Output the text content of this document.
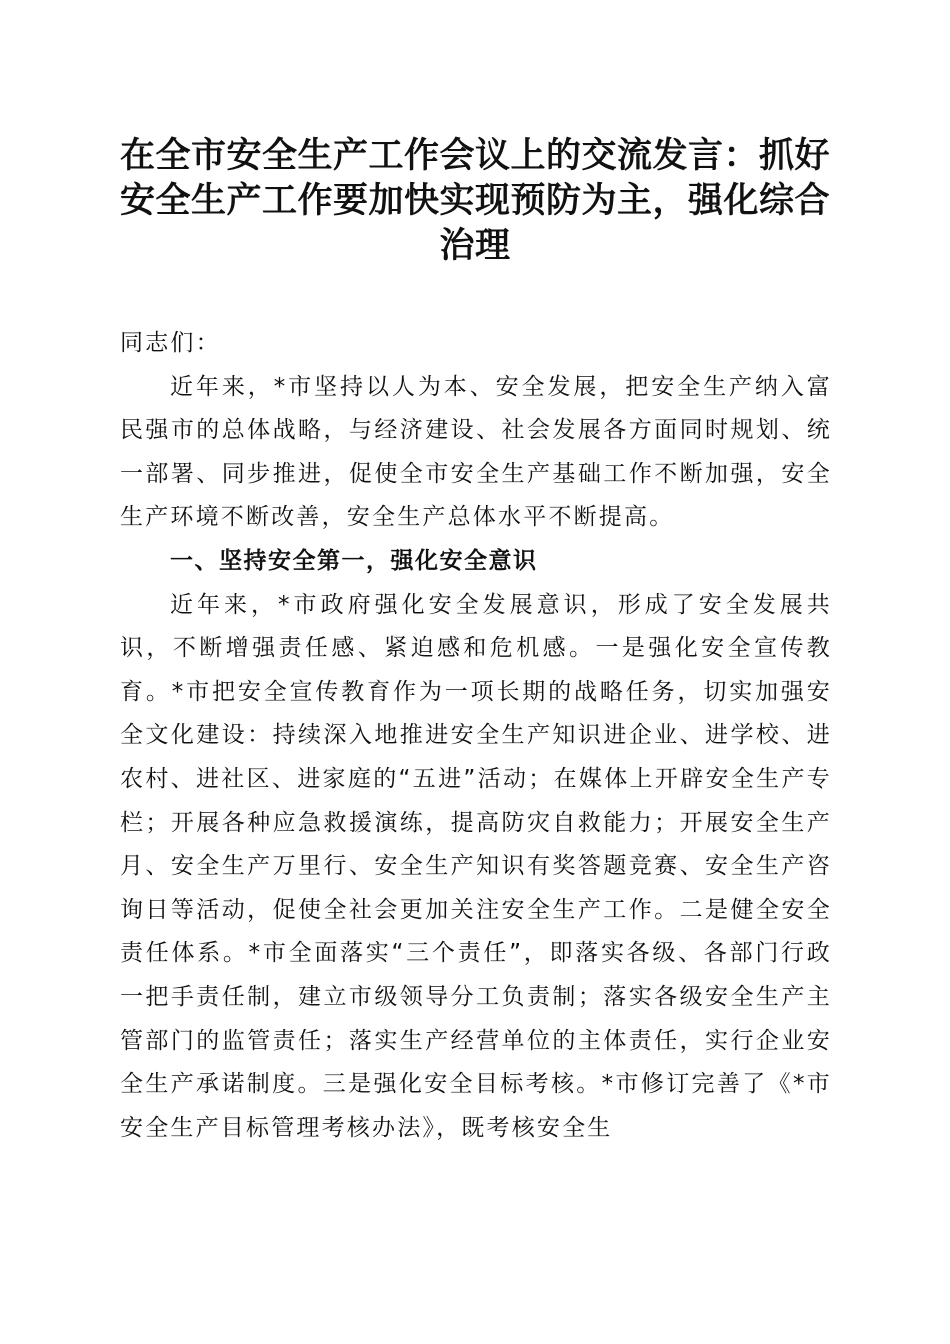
在全市安全生产工作会议上的交流发言：抓好安全生产工作要加快实现预防为主，强化综合治理

同志们：

近年来，*市坚持以人为本、安全发展，把安全生产纳入富民强市的总体战略，与经济建设、社会发展各方面同时规划、统一部署、同步推进，促使全市安全生产基础工作不断加强，安全生产环境不断改善，安全生产总体水平不断提高。

一、坚持安全第一，强化安全意识

近年来，*市政府强化安全发展意识，形成了安全发展共识，不断增强责任感、紧迫感和危机感。一是强化安全宣传教育。*市把安全宣传教育作为一项长期的战略任务，切实加强安全文化建设：持续深入地推进安全生产知识进企业、进学校、进农村、进社区、进家庭的“五进”活动；在媒体上开辟安全生产专栏；开展各种应急救援演练，提高防灾自救能力；开展安全生产月、安全生产万里行、安全生产知识有奖答题竞赛、安全生产咨询日等活动，促使全社会更加关注安全生产工作。二是健全安全责任体系。*市全面落实“三个责任”，即落实各级、各部门行政一把手责任制，建立市级领导分工负责制；落实各级安全生产主管部门的监管责任；落实生产经营单位的主体责任，实行企业安全生产承诺制度。三是强化安全目标考核。*市修订完善了《*市安全生产目标管理考核办法》，既考核安全生
